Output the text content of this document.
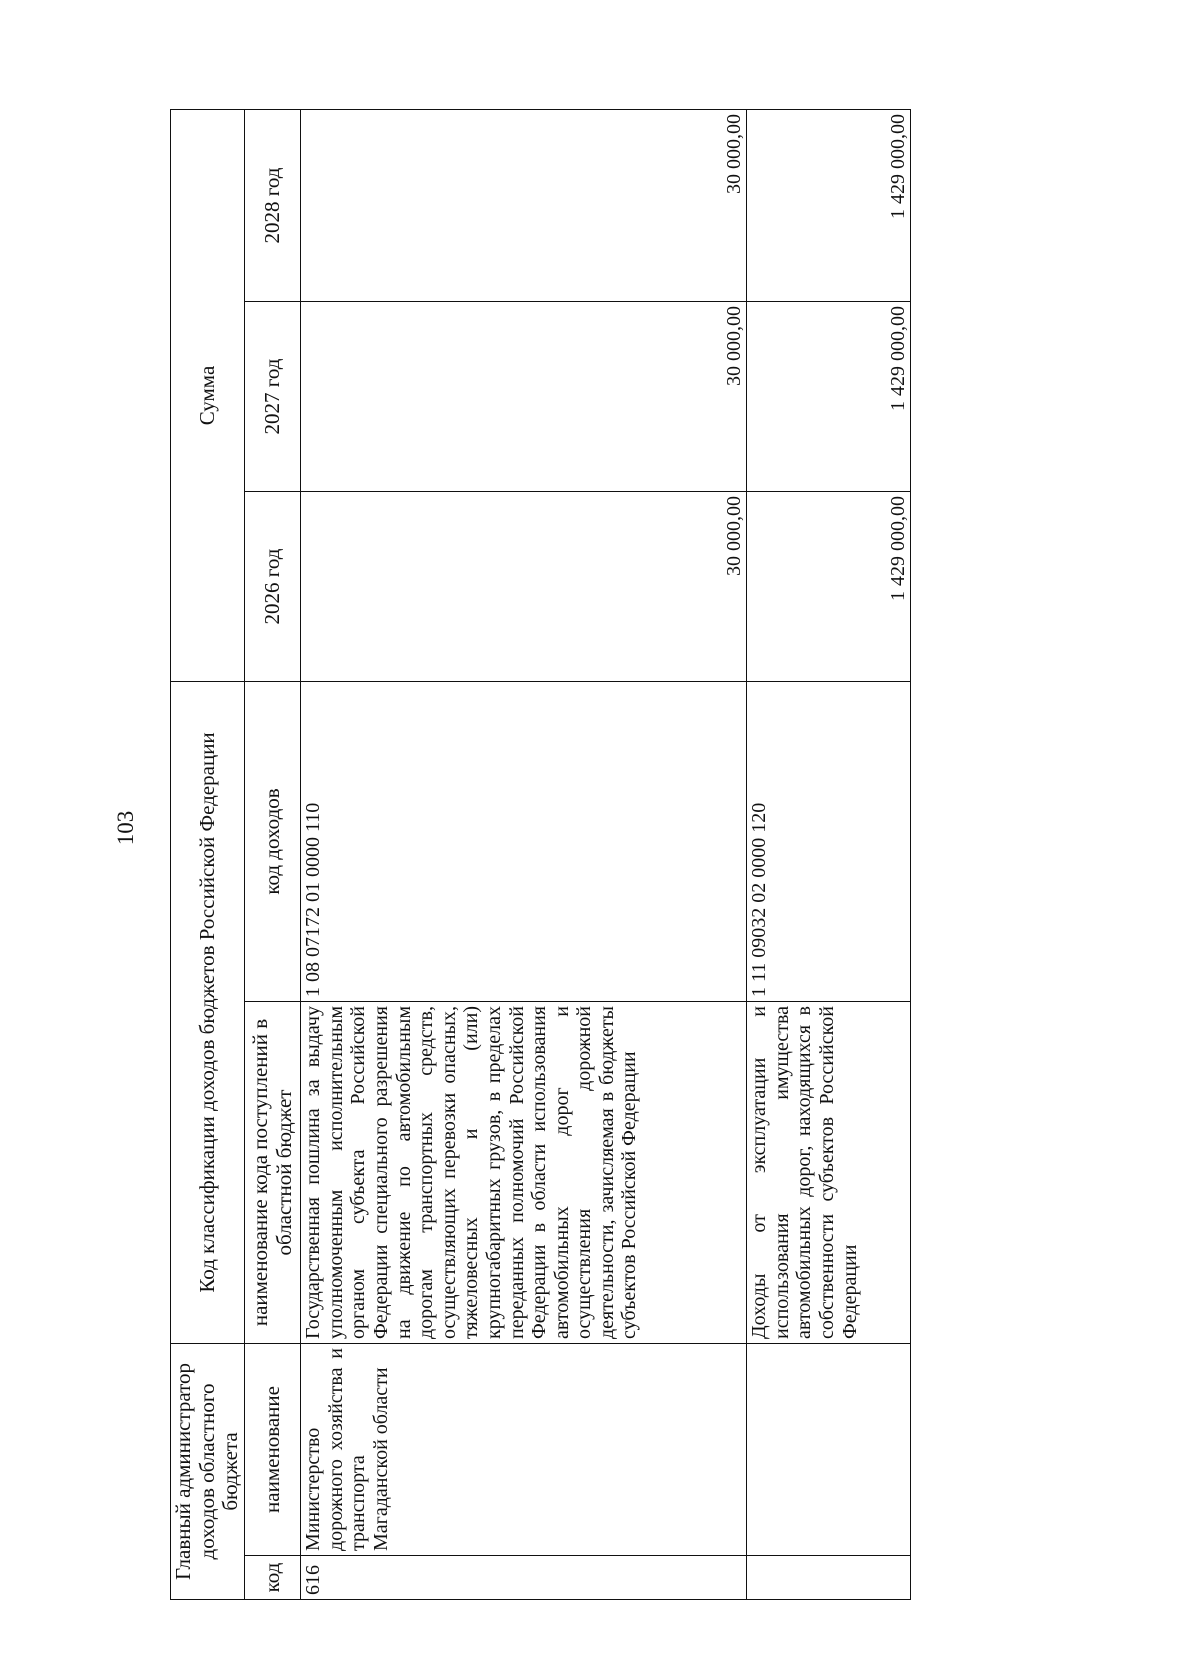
103
Главный администратор доходов областного бюджета		Код классификации доходов бюджетов Российской Федерации		Сумма		
код	наименование	наименование кода поступлений в областной бюджет	код доходов	2026 год	2027 год	2028 год
616	Министерство дорожного хозяйства и транспорта Магаданской области	Государственная пошлина за выдачу уполномоченным исполнительным органом субъекта Российской Федерации специального разрешения на движение по автомобильным дорогам транспортных средств, осуществляющих перевозки опасных, тяжеловесных и (или) крупногабаритных грузов, в пределах переданных полномочий Российской Федерации в области использования автомобильных дорог и осуществления дорожной деятельности, зачисляемая в бюджеты субъектов Российской Федерации	1 08 07172 01 0000 110	30 000,00	30 000,00	30 000,00
		Доходы от эксплуатации и использования имущества автомобильных дорог, находящихся в собственности субъектов Российской Федерации	1 11 09032 02 0000 120	1 429 000,00	1 429 000,00	1 429 000,00
